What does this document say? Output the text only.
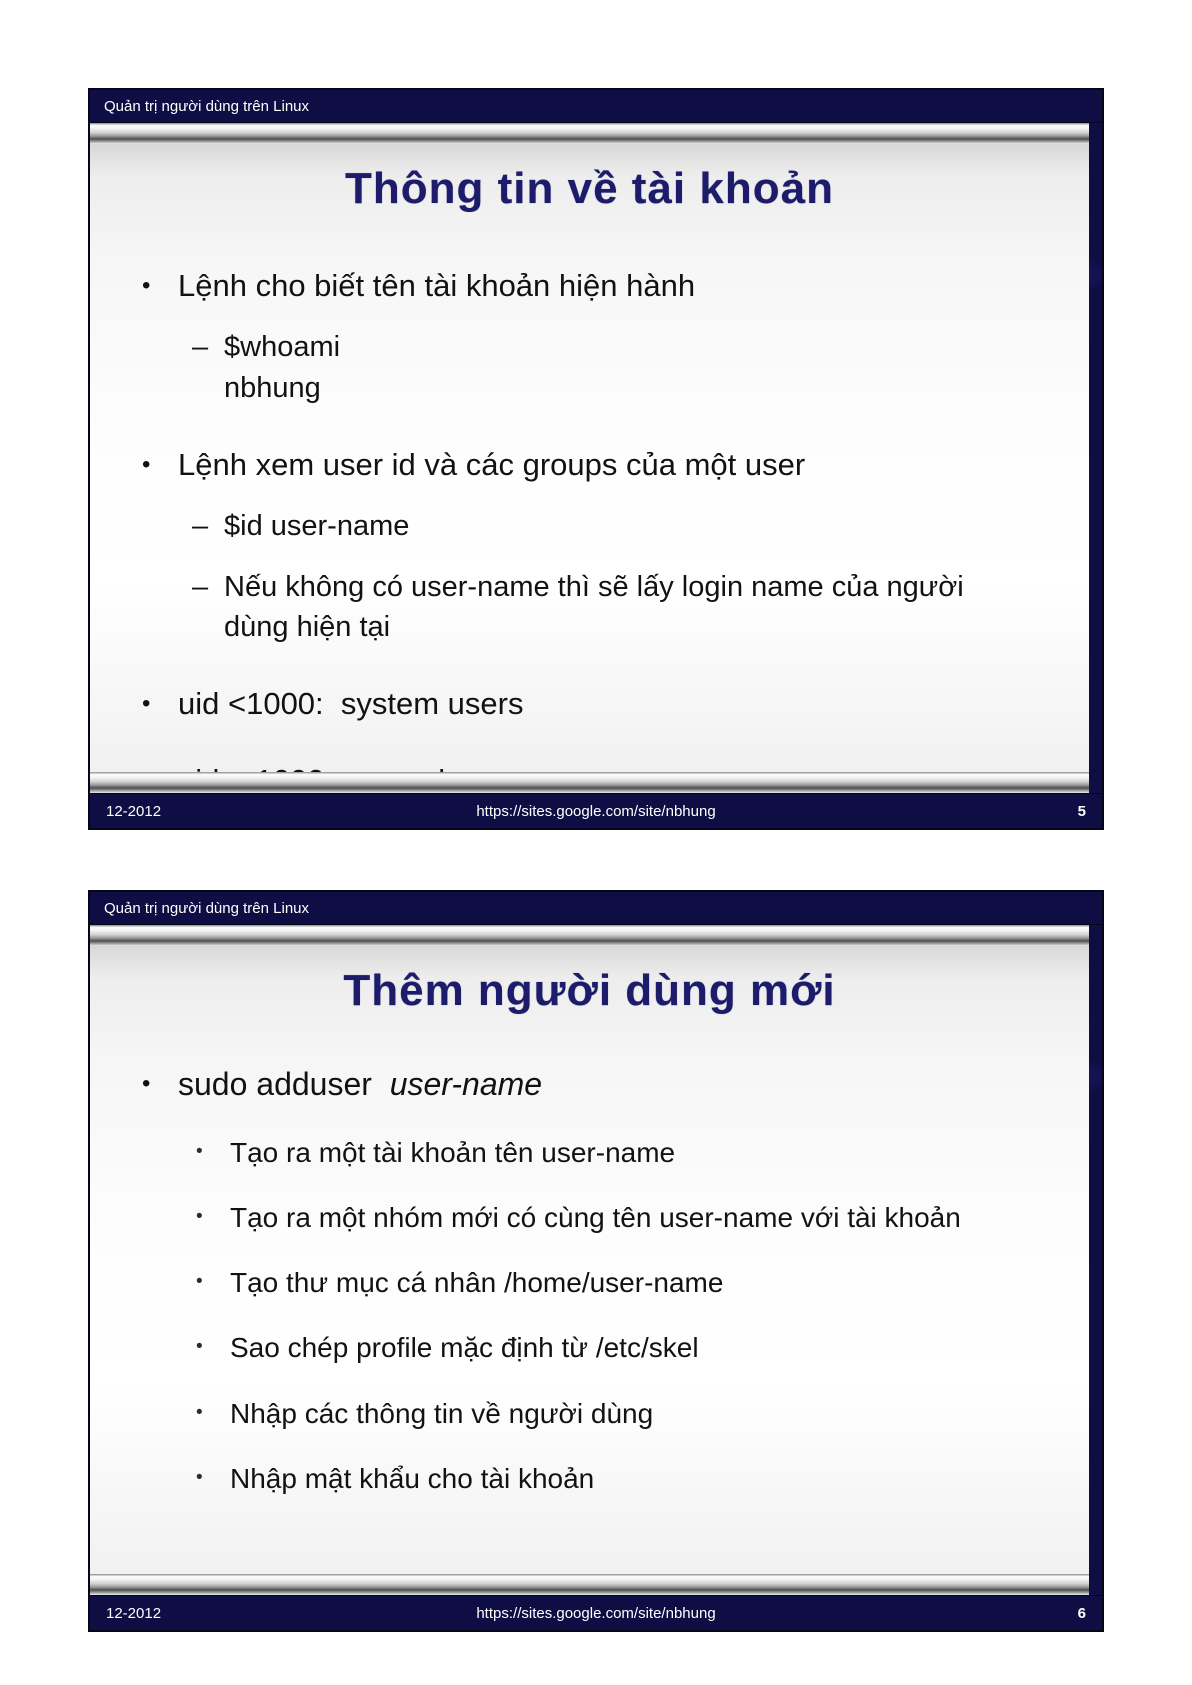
Quản trị người dùng trên Linux
Thông tin về tài khoản
• Lệnh cho biết tên tài khoản hiện hành
– $whoami
nbhung
• Lệnh xem user id và các groups của một user
– $id user-name
– Nếu không có user-name thì sẽ lấy login name của người dùng hiện tại
• uid <1000:  system users
12-2012	https://sites.google.com/site/nbhung	5
Quản trị người dùng trên Linux
Thêm người dùng mới
• sudo adduser  user-name
• Tạo ra một tài khoản tên user-name
• Tạo ra một nhóm mới có cùng tên user-name với tài khoản
• Tạo thư mục cá nhân /home/user-name
• Sao chép profile mặc định từ /etc/skel
• Nhập các thông tin về người dùng
• Nhập mật khẩu cho tài khoản
12-2012	https://sites.google.com/site/nbhung	6
